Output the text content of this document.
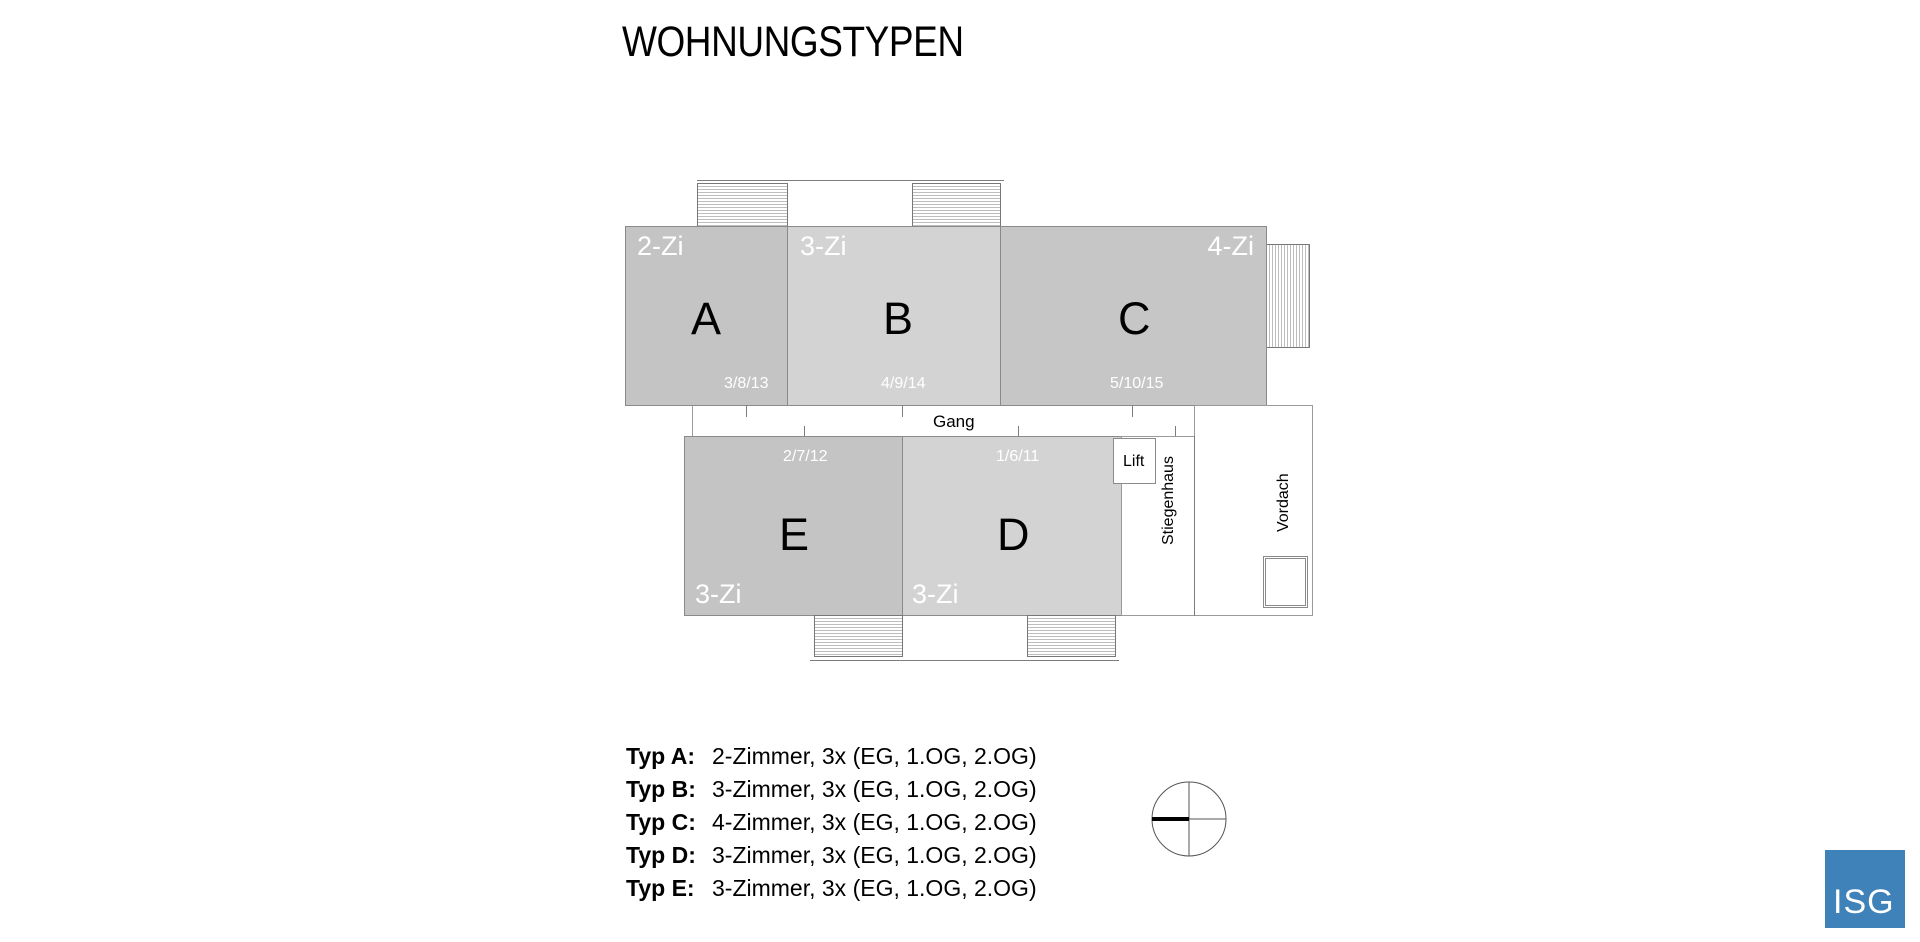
WOHNUNGSTYPEN
2-Zi
A
3/8/13
3-Zi
B
4/9/14
4-Zi
C
5/10/15
Gang
2/7/12
E
3-Zi
1/6/11
D
3-Zi
Lift Stiegenhaus	Vordach
Typ A: 2-Zimmer, 3x (EG, 1.OG, 2.OG)
Typ B: 3-Zimmer, 3x (EG, 1.OG, 2.OG)
Typ C: 4-Zimmer, 3x (EG, 1.OG, 2.OG)
Typ D: 3-Zimmer, 3x (EG, 1.OG, 2.OG)
Typ E: 3-Zimmer, 3x (EG, 1.OG, 2.OG)	ISG
